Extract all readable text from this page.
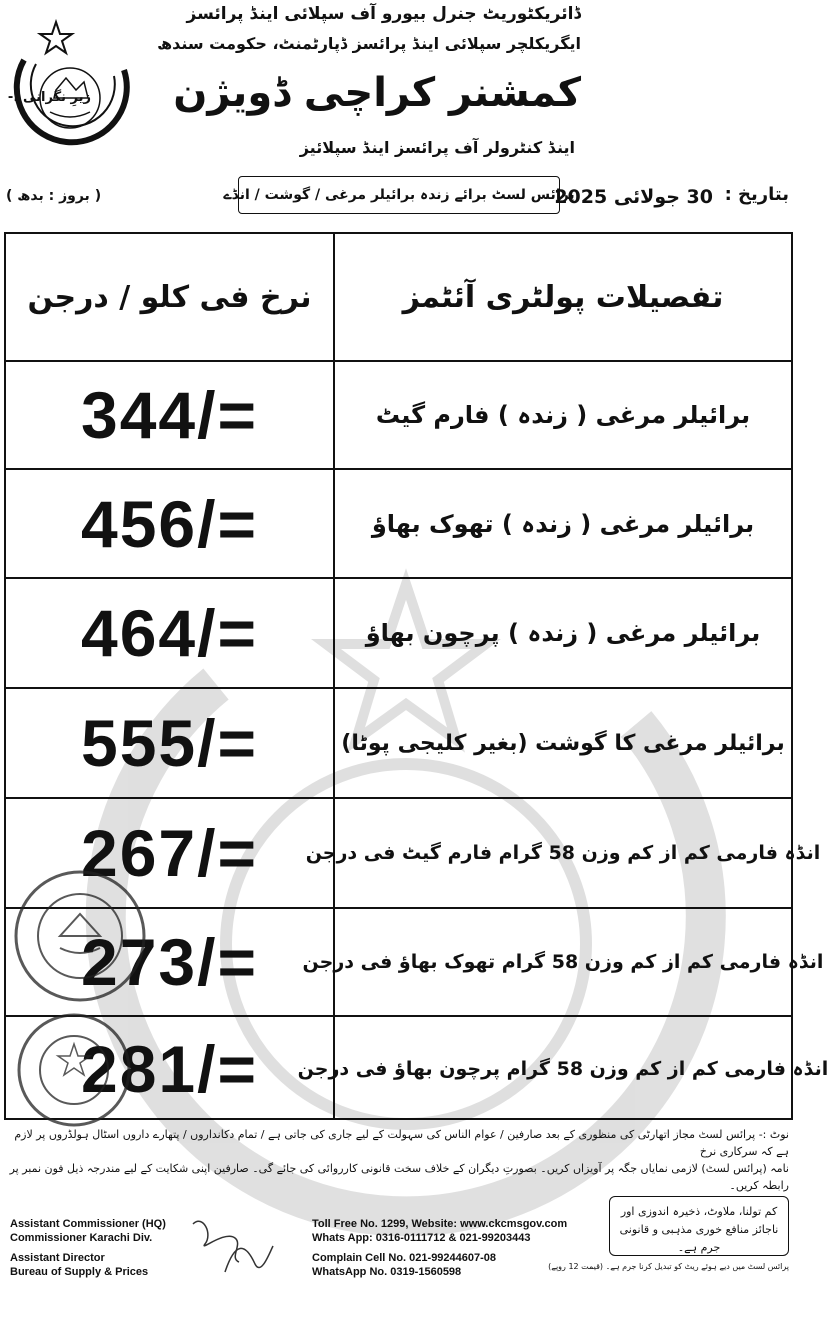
ڈائریکٹوریٹ جنرل بیورو آف سپلائی اینڈ پرائسز
ایگریکلچر سپلائی اینڈ پرائسز ڈپارٹمنٹ، حکومت سندھ
زیرِ نگرانی :- کمشنر کراچی ڈویژن
اینڈ کنٹرولر آف پرائسز اینڈ سپلائیز
بتاریخ :
30 جولائی 2025
پرائس لسٹ برائے زندہ برائیلر مرغی / گوشت / انڈے
( بروز : بدھ )
تفصیلات پولٹری آئٹمز
نرخ فی کلو / درجن
برائیلر مرغی ( زندہ ) فارم گیٹ
344/=
برائیلر مرغی ( زندہ ) تھوک بھاؤ
456/=
برائیلر مرغی ( زندہ ) پرچون بھاؤ
464/=
برائیلر مرغی کا گوشت (بغیر کلیجی پوٹا)
555/=
انڈہ فارمی کم از کم وزن 58 گرام فارم گیٹ فی درجن
267/=
انڈہ فارمی کم از کم وزن 58 گرام تھوک بھاؤ فی درجن
273/=
انڈہ فارمی کم از کم وزن 58 گرام پرچون بھاؤ فی درجن
281/=
نوٹ :- پرائس لسٹ مجاز اتھارٹی کی منظوری کے بعد صارفین / عوام الناس کی سہولت کے لیے جاری کی جاتی ہے / تمام دکانداروں / پتھارے داروں اسٹال ہولڈروں پر لازم ہے کہ سرکاری نرخ
نامہ (پرائس لسٹ) لازمی نمایاں جگہ پر آویزاں کریں۔ بصورتِ دیگران کے خلاف سخت قانونی کارروائی کی جائے گی۔ صارفین اپنی شکایت کے لیے مندرجہ ذیل فون نمبر پر رابطہ کریں۔
کم تولنا، ملاوٹ، ذخیرہ اندوزی اور ناجائز منافع خوری مذہبی و قانونی جرم ہے۔
پرائس لسٹ میں دیے ہوئے ریٹ کو تبدیل کرنا جرم ہے۔ (قیمت 12 روپے)
Assistant Commissioner (HQ)
Commissioner Karachi Div.
Assistant Director
Bureau of Supply & Prices
Toll Free No. 1299, Website: www.ckcmsgov.com
Whats App: 0316-0111712 & 021-99203443
Complain Cell No. 021-99244607-08
WhatsApp No. 0319-1560598
